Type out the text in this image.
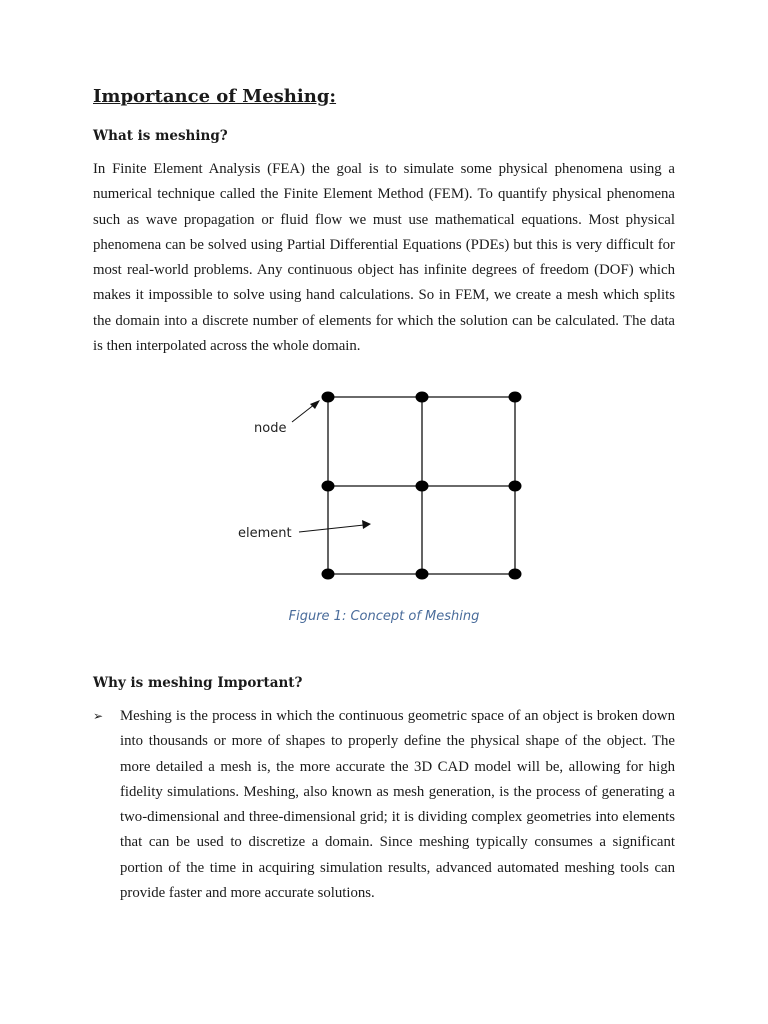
Importance of Meshing:
What is meshing?

In Finite Element Analysis (FEA) the goal is to simulate some physical phenomena using a numerical technique called the Finite Element Method (FEM). To quantify physical phenomena such as wave propagation or fluid flow we must use mathematical equations. Most physical phenomena can be solved using Partial Differential Equations (PDEs) but this is very difficult for most real-world problems. Any continuous object has infinite degrees of freedom (DOF) which makes it impossible to solve using hand calculations. So in FEM, we create a mesh which splits the domain into a discrete number of elements for which the solution can be calculated. The data is then interpolated across the whole domain.

node
element
Figure 1: Concept of Meshing
Why is meshing Important?
➢ Meshing is the process in which the continuous geometric space of an object is broken down into thousands or more of shapes to properly define the physical shape of the object. The more detailed a mesh is, the more accurate the 3D CAD model will be, allowing for high fidelity simulations. Meshing, also known as mesh generation, is the process of generating a two-dimensional and three-dimensional grid; it is dividing complex geometries into elements that can be used to discretize a domain. Since meshing typically consumes a significant portion of the time in acquiring simulation results, advanced automated meshing tools can provide faster and more accurate solutions.
